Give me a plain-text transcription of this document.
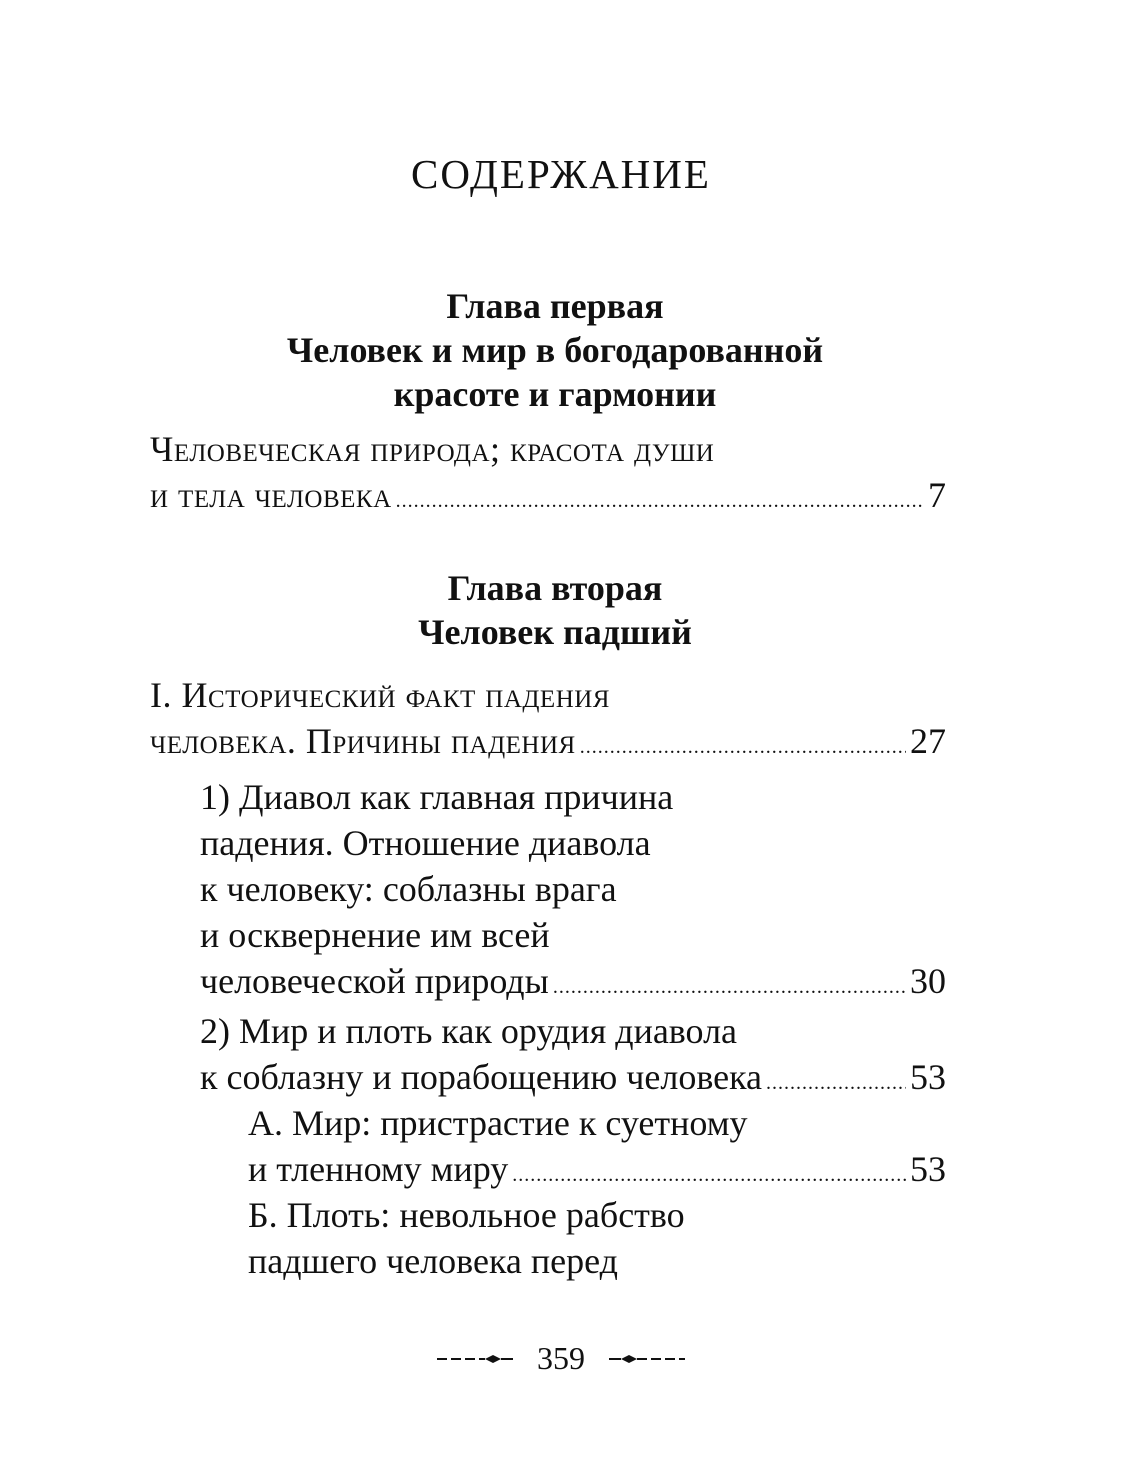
СОДЕРЖАНИЕ
Глава первая
Человек и мир в богодарованной
красоте и гармонии
Человеческая природа; красота души
и тела человека .....	7
Глава вторая
Человек падший
I. Исторический факт падения
человека. Причины падения .....	27
1) Диавол как главная причина
падения. Отношение диавола
к человеку: соблазны врага
и осквернение им всей
человеческой природы .....	30
2) Мир и плоть как орудия диавола
к соблазну и порабощению человека .....	53
А. Мир: пристрастие к суетному
и тленному миру .....	53
Б. Плоть: невольное рабство
падшего человека перед
359
